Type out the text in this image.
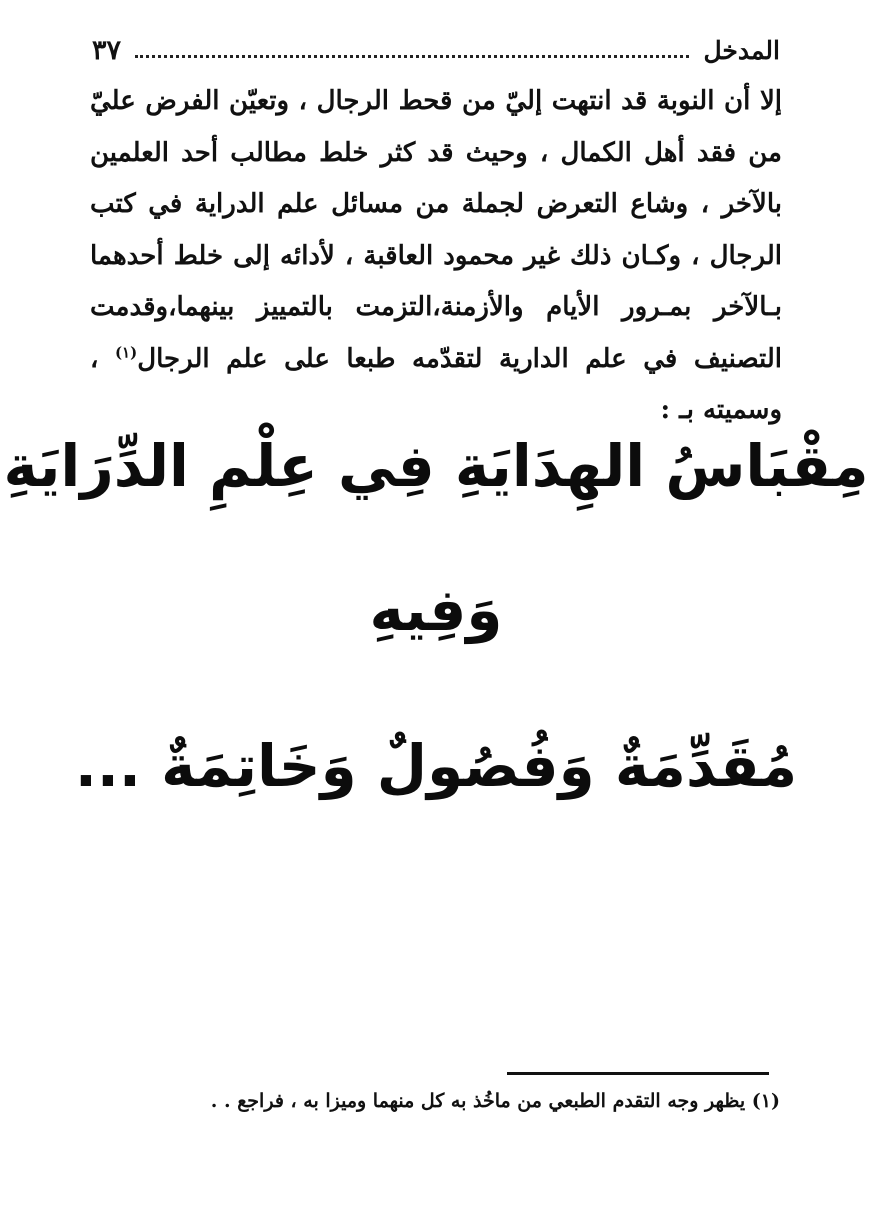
المدخل
٣٧

إلا أن النوبة قد انتهت إليّ من قحط الرجال ، وتعيّن الفرض عليّ من فقد أهل الكمال ، وحيث قد كثر خلط مطالب أحد العلمين بالآخر ، وشاع التعرض لجملة من مسائل علم الدراية في كتب الرجال ، وكـان ذلك غير محمود العاقبة ، لأدائه إلى خلط أحدهما بـالآخر بمـرور الأيام والأزمنة،التزمت بالتمييز بينهما،وقدمت التصنيف في علم الدارية لتقدّمه طبعا على علم الرجال$^{(١)}$ ، وسميته بـ :

مِقْبَاسُ الهِدَايَةِ فِي عِلْمِ الدِّرَايَةِ
وَفِيهِ
مُقَدِّمَةٌ وَفُصُولٌ وَخَاتِمَةٌ ...
(١) يظهر وجه التقدم الطبعي من ماخُذ به كل منهما وميزا به ، فراجع . .
